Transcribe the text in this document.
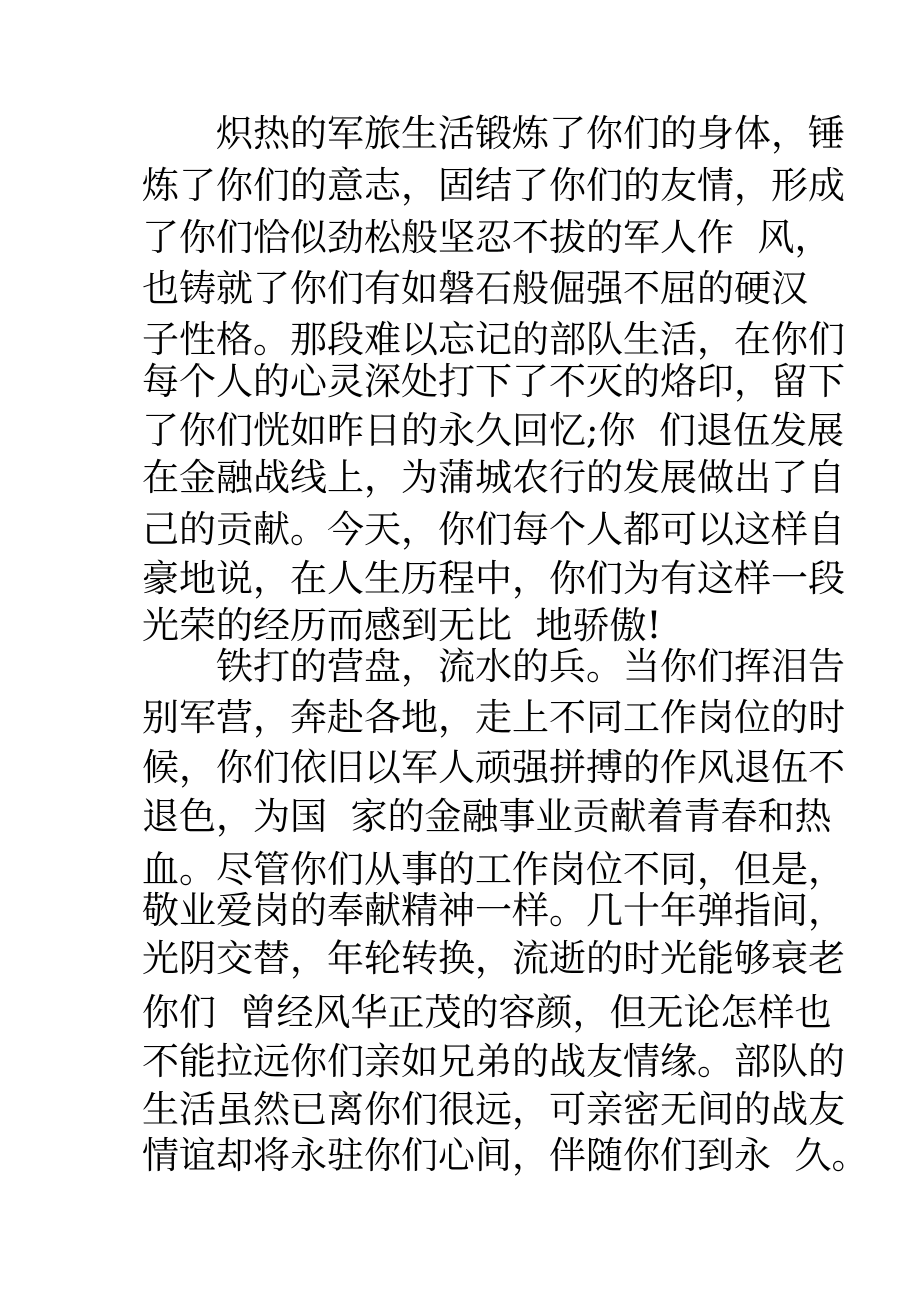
　　炽热的军旅生活锻炼了你们的身体，锤
炼了你们的意志，固结了你们的友情，形成
了你们恰似劲松般坚忍不拔的军人作  风，
也铸就了你们有如磐石般倔强不屈的硬汉
子性格。那段难以忘记的部队生活，在你们
每个人的心灵深处打下了不灭的烙印，留下
了你们恍如昨日的永久回忆;你  们退伍发展
在金融战线上，为蒲城农行的发展做出了自
己的贡献。今天，你们每个人都可以这样自
豪地说，在人生历程中，你们为有这样一段
光荣的经历而感到无比  地骄傲!
　　铁打的营盘，流水的兵。当你们挥泪告
别军营，奔赴各地，走上不同工作岗位的时
候，你们依旧以军人顽强拼搏的作风退伍不
退色，为国  家的金融事业贡献着青春和热
血。尽管你们从事的工作岗位不同，但是，
敬业爱岗的奉献精神一样。几十年弹指间，
光阴交替，年轮转换，流逝的时光能够衰老
你们  曾经风华正茂的容颜，但无论怎样也
不能拉远你们亲如兄弟的战友情缘。部队的
生活虽然已离你们很远，可亲密无间的战友
情谊却将永驻你们心间，伴随你们到永  久。
